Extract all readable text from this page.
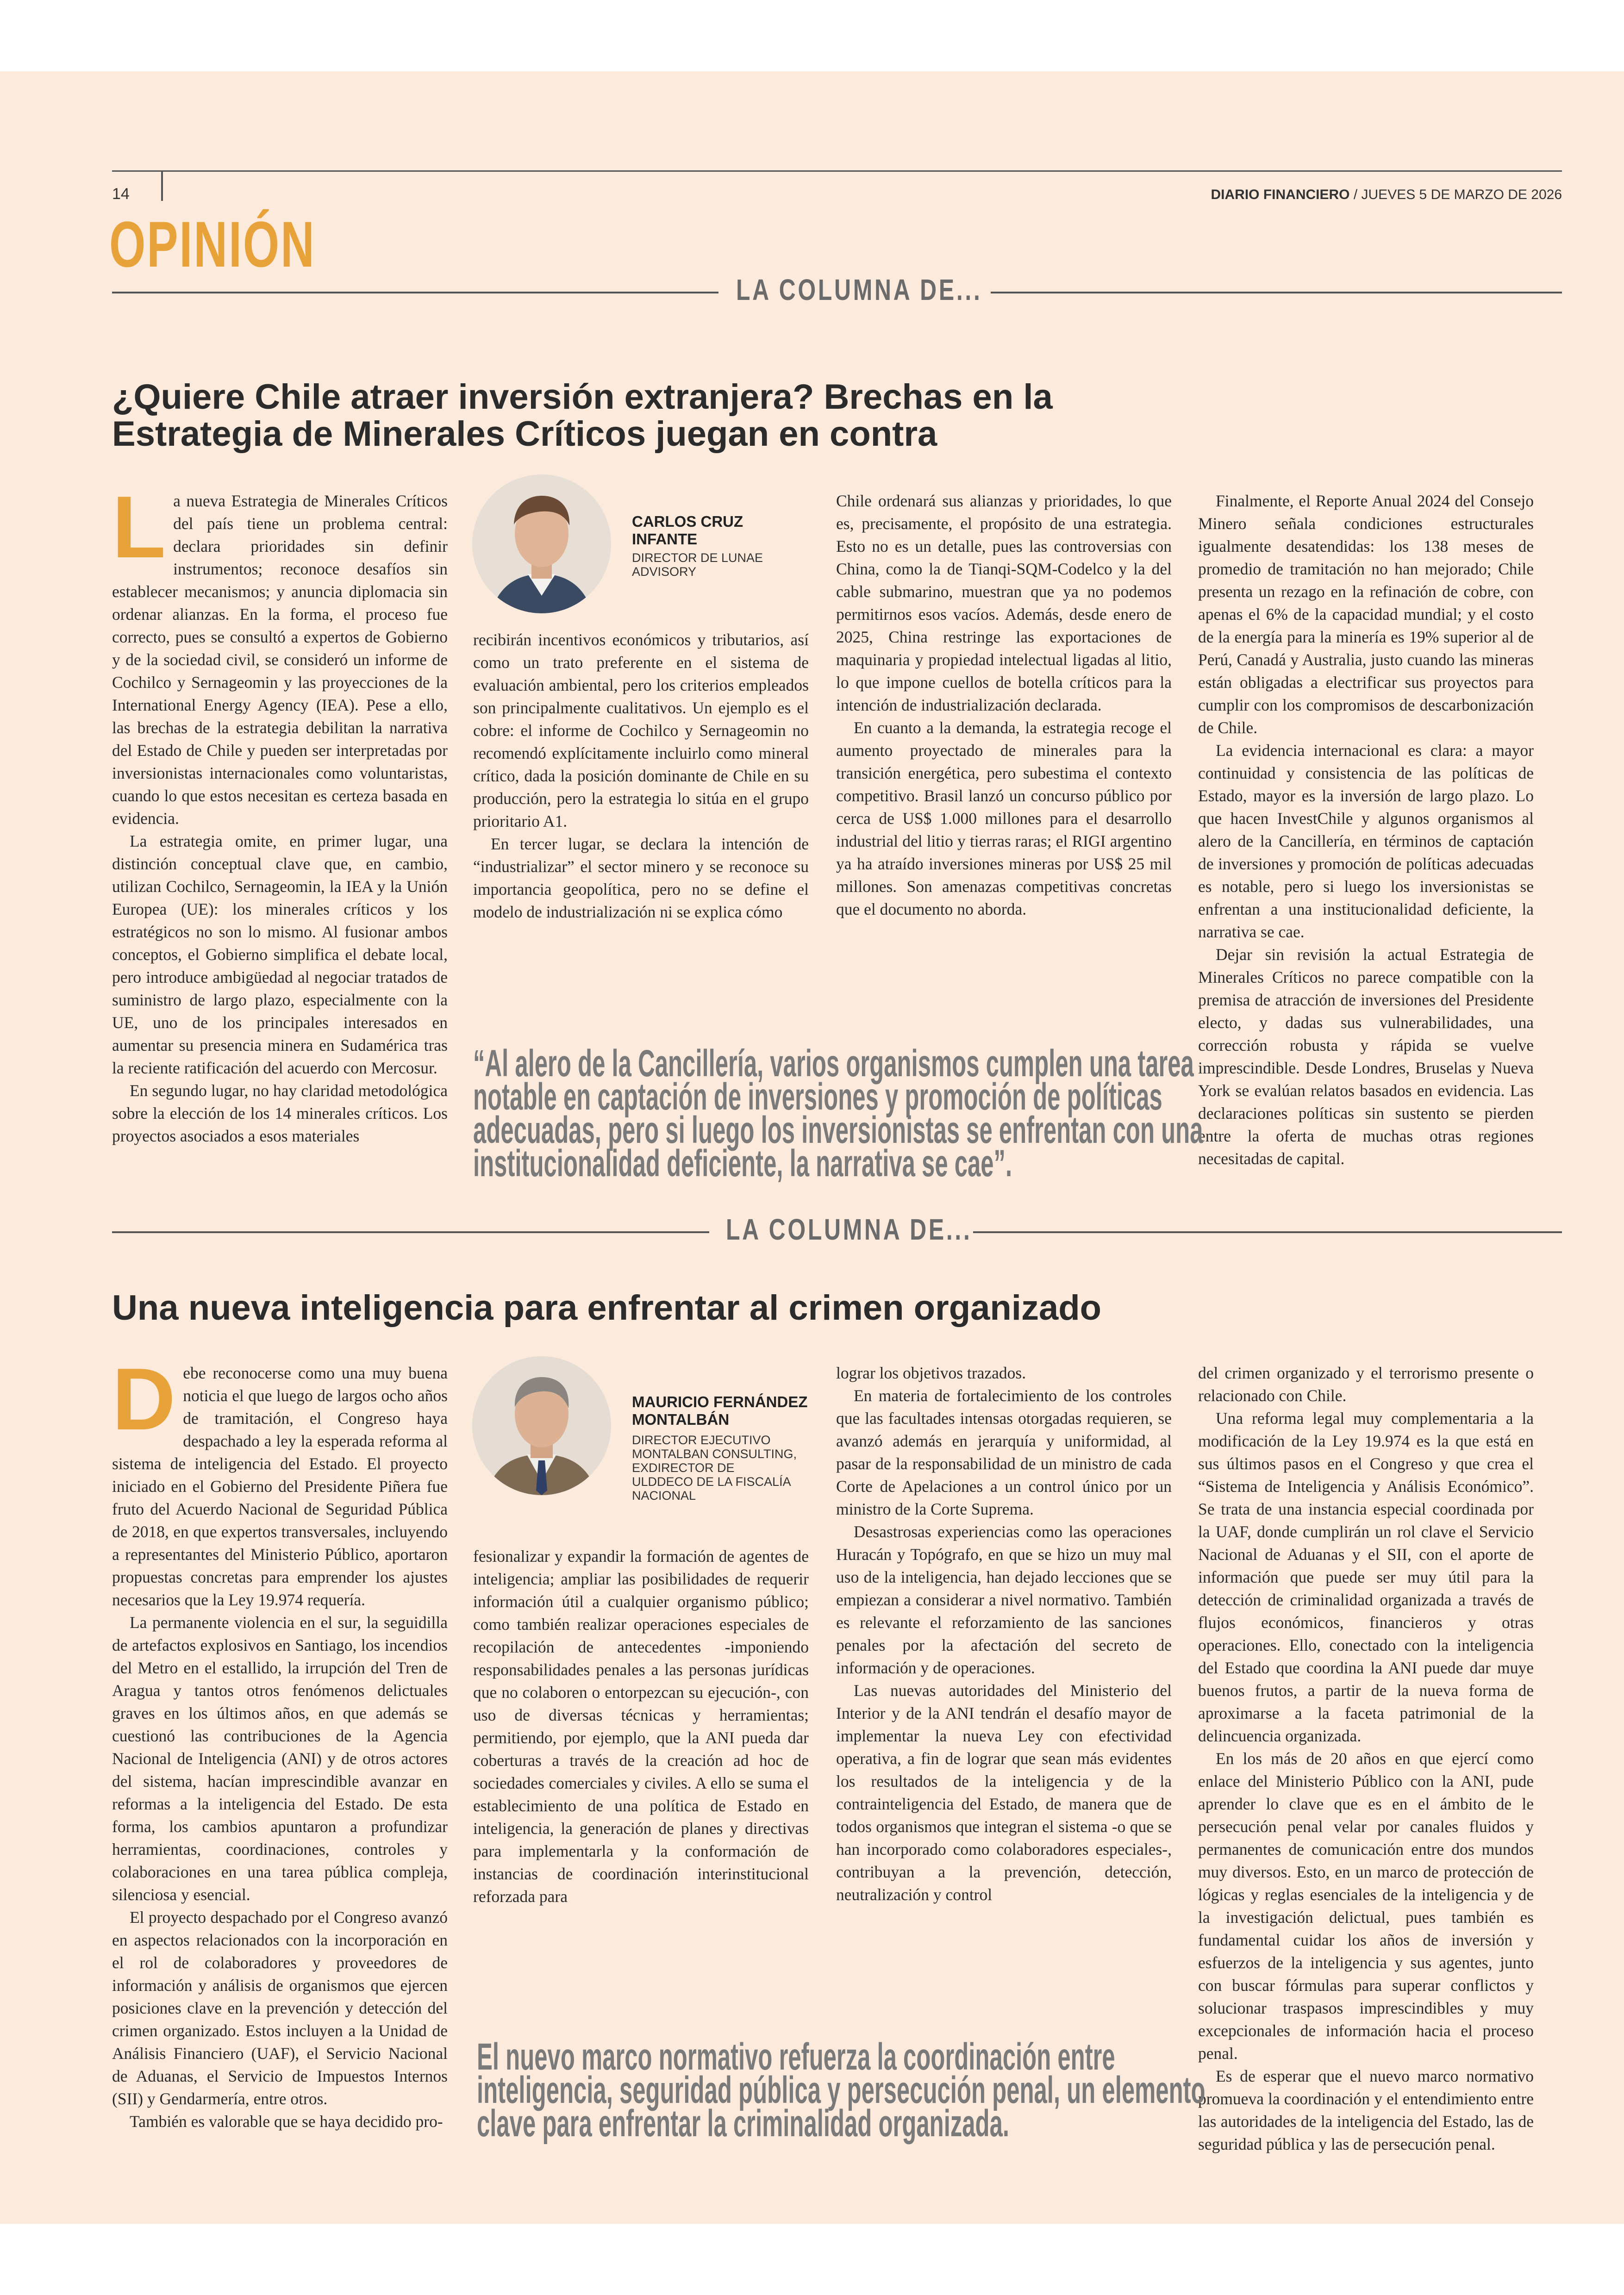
14	DIARIO FINANCIERO / JUEVES 5 DE MARZO DE 2026
OPINIÓN
LA COLUMNA DE...
¿Quiere Chile atraer inversión extranjera? Brechas en la
Estrategia de Minerales Críticos juegan en contra

La nueva Estrategia de Minerales Críticos del país tiene un problema central: declara prioridades sin definir instrumentos; reconoce desafíos sin establecer mecanismos; y anuncia diplomacia sin ordenar alianzas. En la forma, el proceso fue correcto, pues se consultó a expertos de Gobierno y de la sociedad civil, se consideró un informe de Cochilco y Sernageomin y las proyecciones de la International Energy Agency (IEA). Pese a ello, las brechas de la estrategia debilitan la narrativa del Estado de Chile y pueden ser interpretadas por inversionistas internacionales como voluntaristas, cuando lo que estos necesitan es certeza basada en evidencia.

La estrategia omite, en primer lugar, una distinción conceptual clave que, en cambio, utilizan Cochilco, Sernageomin, la IEA y la Unión Europea (UE): los minerales críticos y los estratégicos no son lo mismo. Al fusionar ambos conceptos, el Gobierno simplifica el debate local, pero introduce ambigüedad al negociar tratados de suministro de largo plazo, especialmente con la UE, uno de los principales interesados en aumentar su presencia minera en Sudamérica tras la reciente ratificación del acuerdo con Mercosur.

En segundo lugar, no hay claridad metodológica sobre la elección de los 14 minerales críticos. Los proyectos asociados a esos materiales

CARLOS CRUZ INFANTE
DIRECTOR DE LUNAE ADVISORY

recibirán incentivos económicos y tributarios, así como un trato preferente en el sistema de evaluación ambiental, pero los criterios empleados son principalmente cualitativos. Un ejemplo es el cobre: el informe de Cochilco y Sernageomin no recomendó explícitamente incluirlo como mineral crítico, dada la posición dominante de Chile en su producción, pero la estrategia lo sitúa en el grupo prioritario A1.

En tercer lugar, se declara la intención de “industrializar” el sector minero y se reconoce su importancia geopolítica, pero no se define el modelo de industrialización ni se explica cómo

Chile ordenará sus alianzas y prioridades, lo que es, precisamente, el propósito de una estrategia. Esto no es un detalle, pues las controversias con China, como la de Tianqi-SQM-Codelco y la del cable submarino, muestran que ya no podemos permitirnos esos vacíos. Además, desde enero de 2025, China restringe las exportaciones de maquinaria y propiedad intelectual ligadas al litio, lo que impone cuellos de botella críticos para la intención de industrialización declarada.

En cuanto a la demanda, la estrategia recoge el aumento proyectado de minerales para la transición energética, pero subestima el contexto competitivo. Brasil lanzó un concurso público por cerca de US$ 1.000 millones para el desarrollo industrial del litio y tierras raras; el RIGI argentino ya ha atraído inversiones mineras por US$ 25 mil millones. Son amenazas competitivas concretas que el documento no aborda.

Finalmente, el Reporte Anual 2024 del Consejo Minero señala condiciones estructurales igualmente desatendidas: los 138 meses de promedio de tramitación no han mejorado; Chile presenta un rezago en la refinación de cobre, con apenas el 6% de la capacidad mundial; y el costo de la energía para la minería es 19% superior al de Perú, Canadá y Australia, justo cuando las mineras están obligadas a electrificar sus proyectos para cumplir con los compromisos de descarbonización de Chile.

La evidencia internacional es clara: a mayor continuidad y consistencia de las políticas de Estado, mayor es la inversión de largo plazo. Lo que hacen InvestChile y algunos organismos al alero de la Cancillería, en términos de captación de inversiones y promoción de políticas adecuadas es notable, pero si luego los inversionistas se enfrentan a una institucionalidad deficiente, la narrativa se cae.

Dejar sin revisión la actual Estrategia de Minerales Críticos no parece compatible con la premisa de atracción de inversiones del Presidente electo, y dadas sus vulnerabilidades, una corrección robusta y rápida se vuelve imprescindible. Desde Londres, Bruselas y Nueva York se evalúan relatos basados en evidencia. Las declaraciones políticas sin sustento se pierden entre la oferta de muchas otras regiones necesitadas de capital.

“Al alero de la Cancillería, varios organismos cumplen una tarea
notable en captación de inversiones y promoción de políticas
adecuadas, pero si luego los inversionistas se enfrentan con una
institucionalidad deficiente, la narrativa se cae”.
LA COLUMNA DE...
Una nueva inteligencia para enfrentar al crimen organizado

Debe reconocerse como una muy buena noticia el que luego de largos ocho años de tramitación, el Congreso haya despachado a ley la esperada reforma al sistema de inteligencia del Estado. El proyecto iniciado en el Gobierno del Presidente Piñera fue fruto del Acuerdo Nacional de Seguridad Pública de 2018, en que expertos transversales, incluyendo a representantes del Ministerio Público, aportaron propuestas concretas para emprender los ajustes necesarios que la Ley 19.974 requería.

La permanente violencia en el sur, la seguidilla de artefactos explosivos en Santiago, los incendios del Metro en el estallido, la irrupción del Tren de Aragua y tantos otros fenómenos delictuales graves en los últimos años, en que además se cuestionó las contribuciones de la Agencia Nacional de Inteligencia (ANI) y de otros actores del sistema, hacían imprescindible avanzar en reformas a la inteligencia del Estado. De esta forma, los cambios apuntaron a profundizar herramientas, coordinaciones, controles y colaboraciones en una tarea pública compleja, silenciosa y esencial.

El proyecto despachado por el Congreso avanzó en aspectos relacionados con la incorporación en el rol de colaboradores y proveedores de información y análisis de organismos que ejercen posiciones clave en la prevención y detección del crimen organizado. Estos incluyen a la Unidad de Análisis Financiero (UAF), el Servicio Nacional de Aduanas, el Servicio de Impuestos Internos (SII) y Gendarmería, entre otros.

También es valorable que se haya decidido pro-

MAURICIO FERNÁNDEZ MONTALBÁN
DIRECTOR EJECUTIVO MONTALBAN CONSULTING, EXDIRECTOR DE ULDDECO DE LA FISCALÍA NACIONAL

fesionalizar y expandir la formación de agentes de inteligencia; ampliar las posibilidades de requerir información útil a cualquier organismo público; como también realizar operaciones especiales de recopilación de antecedentes -imponiendo responsabilidades penales a las personas jurídicas que no colaboren o entorpezcan su ejecución-, con uso de diversas técnicas y herramientas; permitiendo, por ejemplo, que la ANI pueda dar coberturas a través de la creación ad hoc de sociedades comerciales y civiles. A ello se suma el establecimiento de una política de Estado en inteligencia, la generación de planes y directivas para implementarla y la conformación de instancias de coordinación interinstitucional reforzada para

lograr los objetivos trazados.

En materia de fortalecimiento de los controles que las facultades intensas otorgadas requieren, se avanzó además en jerarquía y uniformidad, al pasar de la responsabilidad de un ministro de cada Corte de Apelaciones a un control único por un ministro de la Corte Suprema.

Desastrosas experiencias como las operaciones Huracán y Topógrafo, en que se hizo un muy mal uso de la inteligencia, han dejado lecciones que se empiezan a considerar a nivel normativo. También es relevante el reforzamiento de las sanciones penales por la afectación del secreto de información y de operaciones.

Las nuevas autoridades del Ministerio del Interior y de la ANI tendrán el desafío mayor de implementar la nueva Ley con efectividad operativa, a fin de lograr que sean más evidentes los resultados de la inteligencia y de la contrainteligencia del Estado, de manera que de todos organismos que integran el sistema -o que se han incorporado como colaboradores especiales-, contribuyan a la prevención, detección, neutralización y control

del crimen organizado y el terrorismo presente o relacionado con Chile.

Una reforma legal muy complementaria a la modificación de la Ley 19.974 es la que está en sus últimos pasos en el Congreso y que crea el “Sistema de Inteligencia y Análisis Económico”. Se trata de una instancia especial coordinada por la UAF, donde cumplirán un rol clave el Servicio Nacional de Aduanas y el SII, con el aporte de información que puede ser muy útil para la detección de criminalidad organizada a través de flujos económicos, financieros y otras operaciones. Ello, conectado con la inteligencia del Estado que coordina la ANI puede dar muye buenos frutos, a partir de la nueva forma de aproximarse a la faceta patrimonial de la delincuencia organizada.

En los más de 20 años en que ejercí como enlace del Ministerio Público con la ANI, pude aprender lo clave que es en el ámbito de le persecución penal velar por canales fluidos y permanentes de comunicación entre dos mundos muy diversos. Esto, en un marco de protección de lógicas y reglas esenciales de la inteligencia y de la investigación delictual, pues también es fundamental cuidar los años de inversión y esfuerzos de la inteligencia y sus agentes, junto con buscar fórmulas para superar conflictos y solucionar traspasos imprescindibles y muy excepcionales de información hacia el proceso penal.

Es de esperar que el nuevo marco normativo promueva la coordinación y el entendimiento entre las autoridades de la inteligencia del Estado, las de seguridad pública y las de persecución penal.

El nuevo marco normativo refuerza la coordinación entre
inteligencia, seguridad pública y persecución penal, un elemento
clave para enfrentar la criminalidad organizada.
